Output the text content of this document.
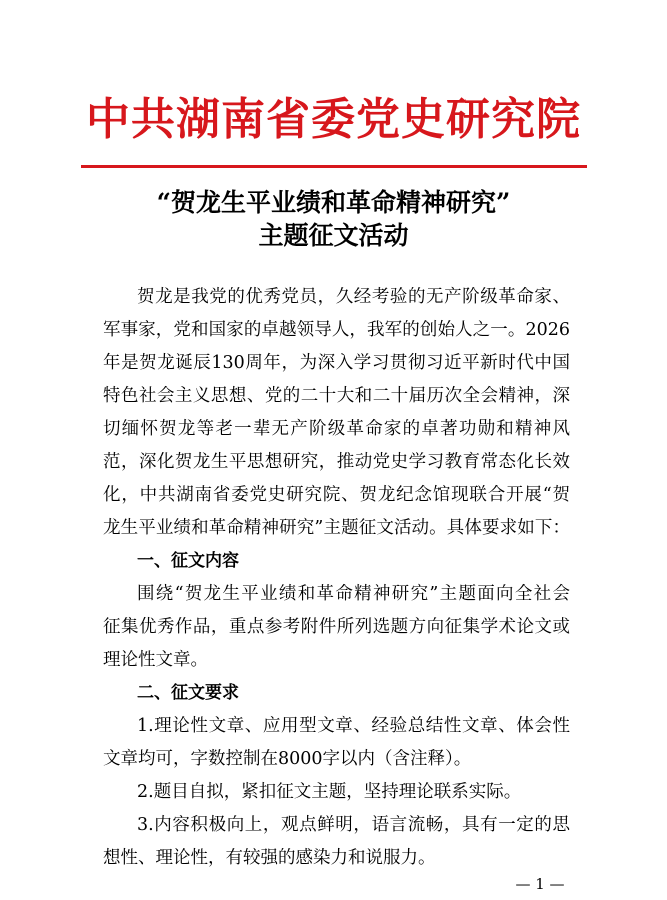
中共湖南省委党史研究院
“贺龙生平业绩和革命精神研究”
主题征文活动
贺龙是我党的优秀党员，久经考验的无产阶级革命家、
军事家，党和国家的卓越领导人，我军的创始人之一。2026
年是贺龙诞辰130周年，为深入学习贯彻习近平新时代中国
特色社会主义思想、党的二十大和二十届历次全会精神，深
切缅怀贺龙等老一辈无产阶级革命家的卓著功勋和精神风
范，深化贺龙生平思想研究，推动党史学习教育常态化长效
化，中共湖南省委党史研究院、贺龙纪念馆现联合开展“贺
龙生平业绩和革命精神研究”主题征文活动。具体要求如下：
一、征文内容
围绕“贺龙生平业绩和革命精神研究”主题面向全社会
征集优秀作品，重点参考附件所列选题方向征集学术论文或
理论性文章。
二、征文要求
1.理论性文章、应用型文章、经验总结性文章、体会性
文章均可，字数控制在8000字以内（含注释）。
2.题目自拟，紧扣征文主题，坚持理论联系实际。
3.内容积极向上，观点鲜明，语言流畅，具有一定的思
想性、理论性，有较强的感染力和说服力。
— 1 —
